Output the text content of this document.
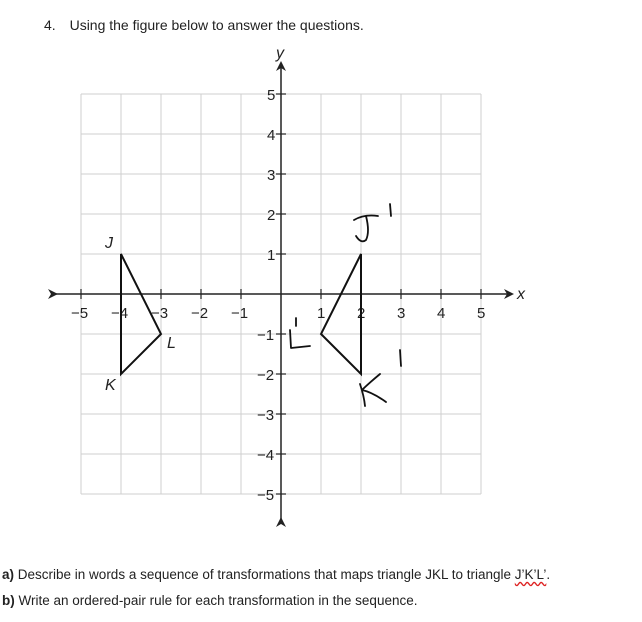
4. Using the figure below to answer the questions.
x
y
−5 −4 −3 −2 −1	1 2 3 4 5
5
4
3
2
1
−1
−2
−3
−4
−5
J
L
K
a) Describe in words a sequence of transformations that maps triangle JKL to triangle J’K’L’.
b) Write an ordered-pair rule for each transformation in the sequence.
